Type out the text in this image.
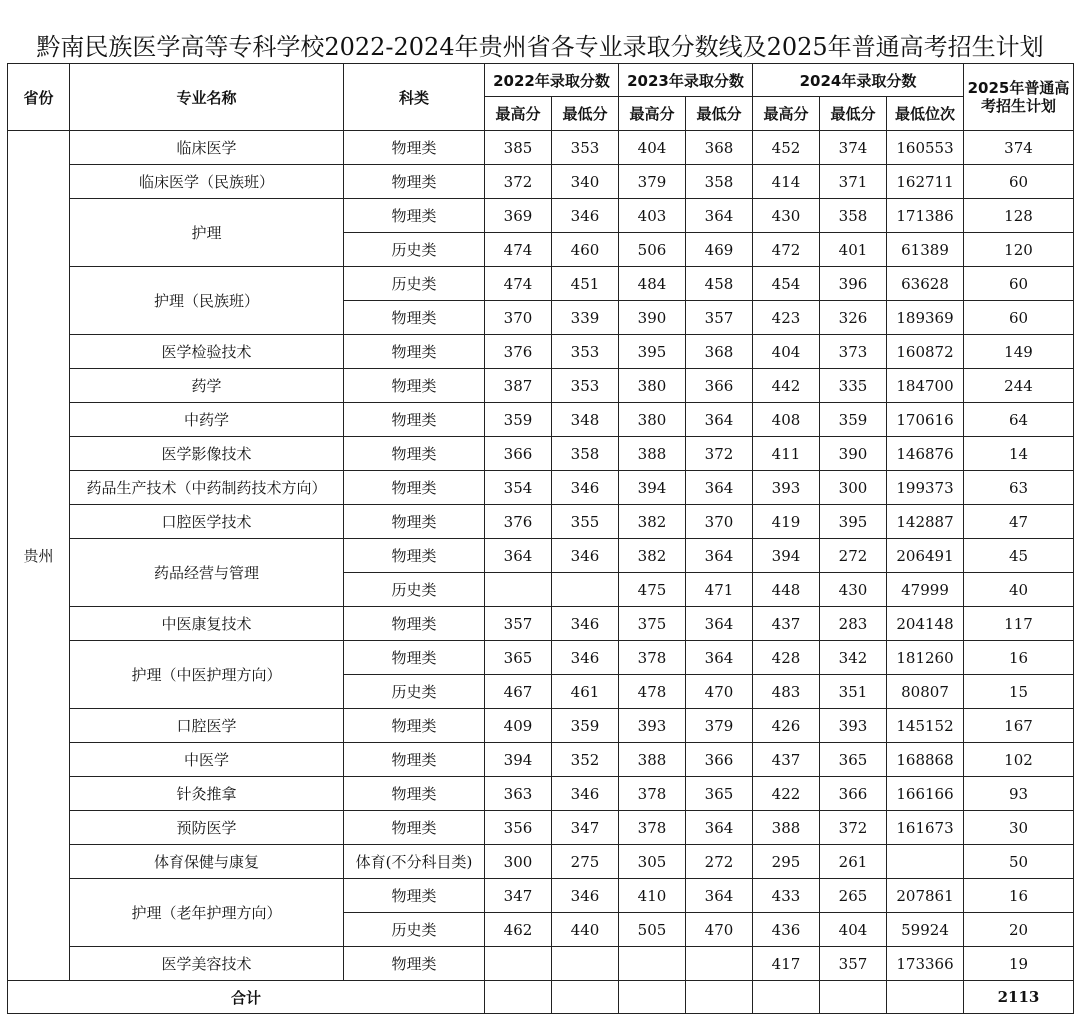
黔南民族医学高等专科学校2022-2024年贵州省各专业录取分数线及2025年普通高考招生计划
省份	专业名称	科类	2022年录取分数		2023年录取分数		2024年录取分数			2025年普通高考招生计划
			最高分	最低分	最高分	最低分	最高分	最低分	最低位次	
贵州	临床医学	物理类	385	353	404	368	452	374	160553	374
	临床医学（民族班）	物理类	372	340	379	358	414	371	162711	60
	护理	物理类	369	346	403	364	430	358	171386	128
		历史类	474	460	506	469	472	401	61389	120
	护理（民族班）	历史类	474	451	484	458	454	396	63628	60
		物理类	370	339	390	357	423	326	189369	60
	医学检验技术	物理类	376	353	395	368	404	373	160872	149
	药学	物理类	387	353	380	366	442	335	184700	244
	中药学	物理类	359	348	380	364	408	359	170616	64
	医学影像技术	物理类	366	358	388	372	411	390	146876	14
	药品生产技术（中药制药技术方向）	物理类	354	346	394	364	393	300	199373	63
	口腔医学技术	物理类	376	355	382	370	419	395	142887	47
	药品经营与管理	物理类	364	346	382	364	394	272	206491	45
		历史类			475	471	448	430	47999	40
	中医康复技术	物理类	357	346	375	364	437	283	204148	117
	护理（中医护理方向）	物理类	365	346	378	364	428	342	181260	16
		历史类	467	461	478	470	483	351	80807	15
	口腔医学	物理类	409	359	393	379	426	393	145152	167
	中医学	物理类	394	352	388	366	437	365	168868	102
	针灸推拿	物理类	363	346	378	365	422	366	166166	93
	预防医学	物理类	356	347	378	364	388	372	161673	30
	体育保健与康复	体育(不分科目类)	300	275	305	272	295	261		50
	护理（老年护理方向）	物理类	347	346	410	364	433	265	207861	16
		历史类	462	440	505	470	436	404	59924	20
	医学美容技术	物理类					417	357	173366	19
合计										2113
